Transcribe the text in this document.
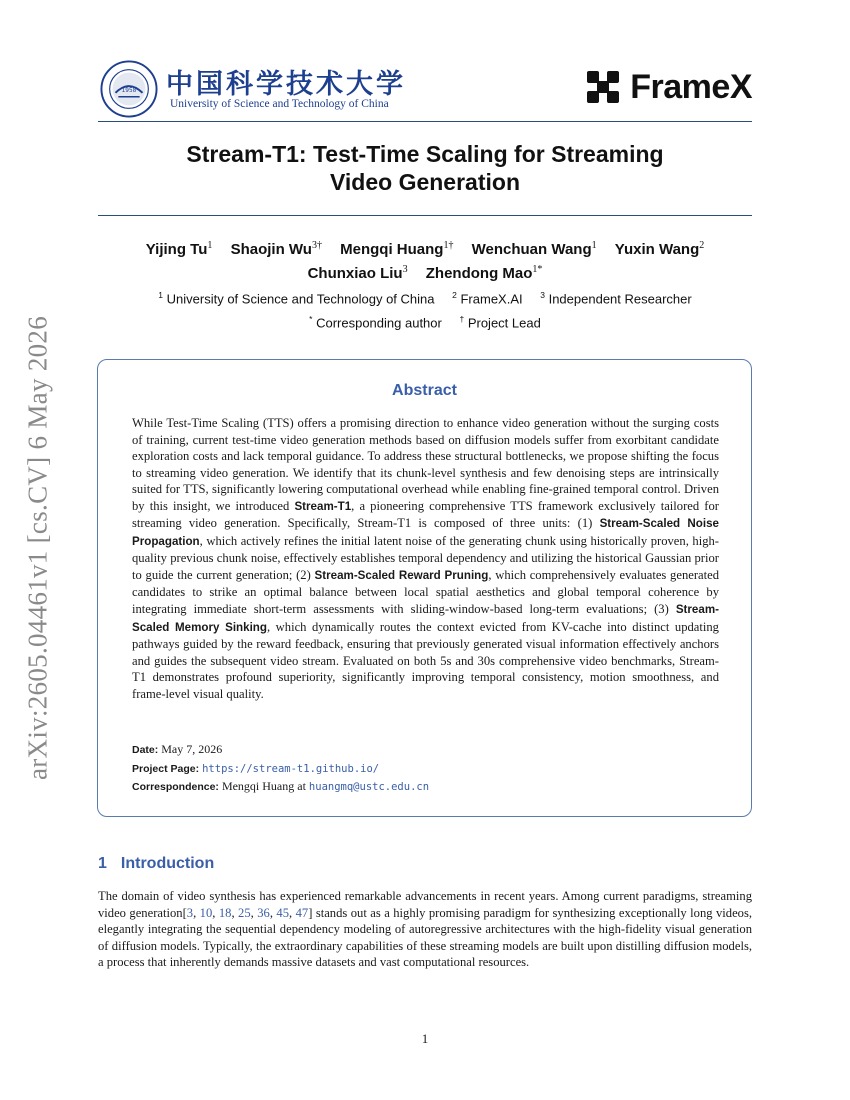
arXiv:2605.04461v1 [cs.CV] 6 May 2026
1958 中国科学技术大学
University of Science and Technology of China	FrameX
Stream-T1: Test-Time Scaling for Streaming
Video Generation
Yijing Tu$^1$ Shaojin $Wu^{3\dagger}$ Mengqi Huang$^{1\dagger}$ Wenchuan Wang$^1$ Yuxin Wang$^2$
Chunxiao Liu$^3$ Zhendong Mao$^{1*}$
$^1$ University of Science and Technology of China $^2$ FrameX.AI $^3$ Independent Researcher
* Corresponding author † Project Lead
Abstract
While Test-Time Scaling (TTS) offers a promising direction to enhance video generation without the surging costs of training, current test-time video generation methods based on diffusion models suffer from exorbitant candidate exploration costs and lack temporal guidance. To address these structural bottlenecks, we propose shifting the focus to streaming video generation. We identify that its chunk-level synthesis and few denoising steps are intrinsically suited for TTS, significantly lowering computational overhead while enabling fine-grained temporal control. Driven by this insight, we introduced Stream-T1, a pioneering comprehensive TTS framework exclusively tailored for streaming video generation. Specifically, Stream-T1 is composed of three units: (1) Stream-Scaled Noise Propagation, which actively refines the initial latent noise of the generating chunk using historically proven, high-quality previous chunk noise, effectively establishes temporal dependency and utilizing the historical Gaussian prior to guide the current generation; (2) Stream-Scaled Reward Pruning, which comprehensively evaluates generated candidates to strike an optimal balance between local spatial aesthetics and global temporal coherence by integrating immediate short-term assessments with sliding-window-based long-term evaluations; (3) Stream-Scaled Memory Sinking, which dynamically routes the context evicted from KV-cache into distinct updating pathways guided by the reward feedback, ensuring that previously generated visual information effectively anchors and guides the subsequent video stream. Evaluated on both 5s and 30s comprehensive video benchmarks, Stream-T1 demonstrates profound superiority, significantly improving temporal consistency, motion smoothness, and frame-level visual quality.
Date: May 7, 2026
Project Page: https://stream-t1.github.io/
Correspondence: Mengqi Huang at huangmq@ustc.edu.cn
1 Introduction
The domain of video synthesis has experienced remarkable advancements in recent years. Among current paradigms, streaming video generation[3, 10, 18, 25, 36, 45, 47] stands out as a highly promising paradigm for synthesizing exceptionally long videos, elegantly integrating the sequential dependency modeling of autoregressive architectures with the high-fidelity visual generation of diffusion models. Typically, the extraordinary capabilities of these streaming models are built upon distilling diffusion models, a process that inherently demands massive datasets and vast computational resources.
1
